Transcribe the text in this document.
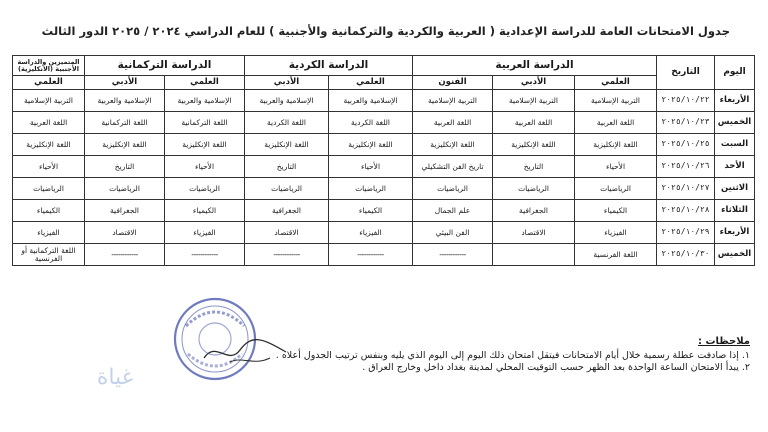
جدول الامتحانات العامة للدراسة الإعدادية ( العربية والكردية والتركمانية والأجنبية ) للعام الدراسي ٢٠٢٤ / ٢٠٢٥ الدور الثالث
اليوم	التاريخ	الدراسة العربية			الدراسة الكردية		الدراسة التركمانية		المتميزين والدراسة الأجنبية (الانكليزية)
		العلمي	الأدبي	الفنون	العلمي	الأدبي	العلمي	الأدبي	العلمي
الأربعاء	٢٠٢٥/١٠/٢٢	التربية الإسلامية	التربية الإسلامية	التربية الإسلامية	الإسلامية والعربية	الإسلامية والعربية	الإسلامية والعربية	الإسلامية والعربية	التربية الإسلامية
الخميس	٢٠٢٥/١٠/٢٣	اللغة العربية	اللغة العربية	اللغة العربية	اللغة الكردية	اللغة الكردية	اللغة التركمانية	اللغة التركمانية	اللغة العربية
السبت	٢٠٢٥/١٠/٢٥	اللغة الإنكليزية	اللغة الإنكليزية	اللغة الإنكليزية	اللغة الإنكليزية	اللغة الإنكليزية	اللغة الإنكليزية	اللغة الإنكليزية	اللغة الإنكليزية
الأحد	٢٠٢٥/١٠/٢٦	الأحياء	التاريخ	تاريخ الفن التشكيلي	الأحياء	التاريخ	الأحياء	التاريخ	الأحياء
الاثنين	٢٠٢٥/١٠/٢٧	الرياضيات	الرياضيات	الرياضيات	الرياضيات	الرياضيات	الرياضيات	الرياضيات	الرياضيات
الثلاثاء	٢٠٢٥/١٠/٢٨	الكيمياء	الجغرافية	علم الجمال	الكيمياء	الجغرافية	الكيمياء	الجغرافية	الكيمياء
الأربعاء	٢٠٢٥/١٠/٢٩	الفيزياء	الاقتصاد	الفن البيئي	الفيزياء	الاقتصاد	الفيزياء	الاقتصاد	الفيزياء
الخميس	٢٠٢٥/١٠/٣٠	اللغة الفرنسية		------------	------------	------------	------------	------------	اللغة التركمانية أو الفرنسية
ملاحظات :
١. إذا صادفت عطلة رسمية خلال أيام الامتحانات فيتقل امتحان ذلك اليوم إلى اليوم الذي يليه وبنفس ترتيب الجدول أعلاه .
٢. يبدأ الامتحان الساعة الواحدة بعد الظهر حسب التوقيت المحلي لمدينة بغداد داخل وخارج العراق .
غياة
